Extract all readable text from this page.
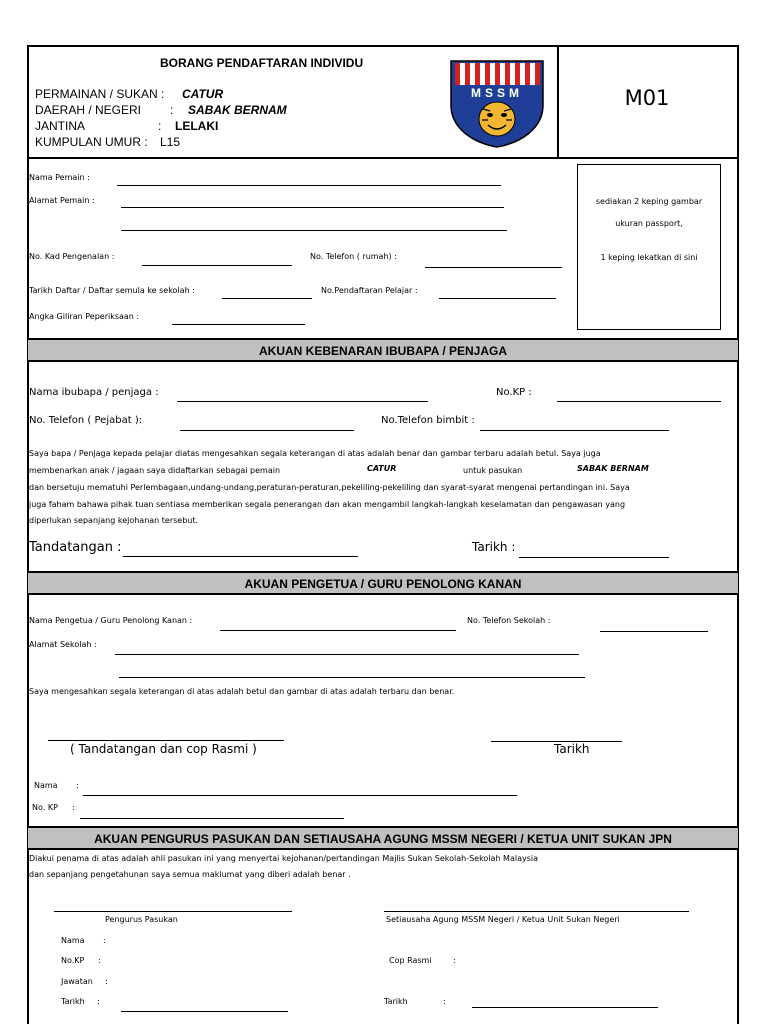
BORANG PENDAFTARAN INDIVIDU
PERMAINAN / SUKAN : CATUR
DAERAH / NEGERI : SABAK BERNAM
JANTINA	: LELAKI
KUMPULAN UMUR : L15
MSSM	M01
Nama Pemain :
Alamat Pemain :
No. Kad Pengenalan :	No. Telefon ( rumah) :
Tarikh Daftar / Daftar semula ke sekolah :	No.Pendaftaran Pelajar :
Angka Giliran Peperiksaan :
sediakan 2 keping gambar
ukuran passport,
1 keping lekatkan di sini
AKUAN KEBENARAN IBUBAPA / PENJAGA
Nama ibubapa / penjaga :	No.KP :
No. Telefon ( Pejabat ):	No.Telefon bimbit :
Saya bapa / Penjaga kepada pelajar diatas mengesahkan segala keterangan di atas adalah benar dan gambar terbaru adalah betul. Saya juga
membenarkan anak / jagaan saya didaftarkan sebagai pemain	CATUR	untuk pasukan	SABAK BERNAM
dan bersetuju mematuhi Perlembagaan,undang-undang,peraturan-peraturan,pekeliling-pekeliling dan syarat-syarat mengenai pertandingan ini. Saya
juga faham bahawa pihak tuan sentiasa memberikan segala penerangan dan akan mengambil langkah-langkah keselamatan dan pengawasan yang
diperlukan sepanjang kejohanan tersebut.
Tandatangan :	Tarikh :
AKUAN PENGETUA / GURU PENOLONG KANAN
Nama Pengetua / Guru Penolong Kanan :	No. Telefon Sekolah :
Alamat Sekolah :
Saya mengesahkan segala keterangan di atas adalah betul dan gambar di atas adalah terbaru dan benar.
( Tandatangan dan cop Rasmi )	Tarikh
Nama :
No. KP :
AKUAN PENGURUS PASUKAN DAN SETIAUSAHA AGUNG MSSM NEGERI / KETUA UNIT SUKAN JPN
Diakui penama di atas adalah ahli pasukan ini yang menyertai kejohanan/pertandingan Majlis Sukan Sekolah-Sekolah Malaysia
dan sepanjang pengetahunan saya semua maklumat yang diberi adalah benar .
Pengurus Pasukan	Setiausaha Agung MSSM Negeri / Ketua Unit Sukan Negeri
Nama :
No.KP :
Jawatan :
Tarikh :
Cop Rasmi	:
Tarikh	:
